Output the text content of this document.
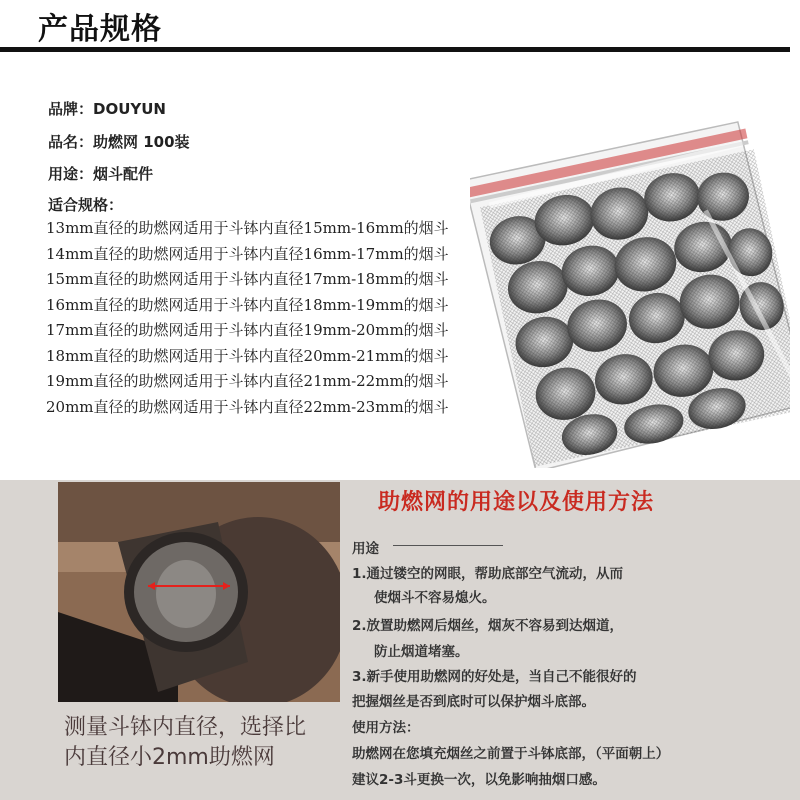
产品规格
品牌：DOUYUN
品名：助燃网 100装
用途：烟斗配件
适合规格：
13mm直径的助燃网适用于斗钵内直径15mm-16mm的烟斗
14mm直径的助燃网适用于斗钵内直径16mm-17mm的烟斗
15mm直径的助燃网适用于斗钵内直径17mm-18mm的烟斗
16mm直径的助燃网适用于斗钵内直径18mm-19mm的烟斗
17mm直径的助燃网适用于斗钵内直径19mm-20mm的烟斗
18mm直径的助燃网适用于斗钵内直径20mm-21mm的烟斗
19mm直径的助燃网适用于斗钵内直径21mm-22mm的烟斗
20mm直径的助燃网适用于斗钵内直径22mm-23mm的烟斗
测量斗钵内直径，选择比
内直径小2mm助燃网
助燃网的用途以及使用方法
用途
1.通过镂空的网眼，帮助底部空气流动，从而
使烟斗不容易熄火。
2.放置助燃网后烟丝，烟灰不容易到达烟道，
防止烟道堵塞。
3.新手使用助燃网的好处是，当自己不能很好的
把握烟丝是否到底时可以保护烟斗底部。
使用方法：
助燃网在您填充烟丝之前置于斗钵底部，（平面朝上）
建议2-3斗更换一次，以免影响抽烟口感。
